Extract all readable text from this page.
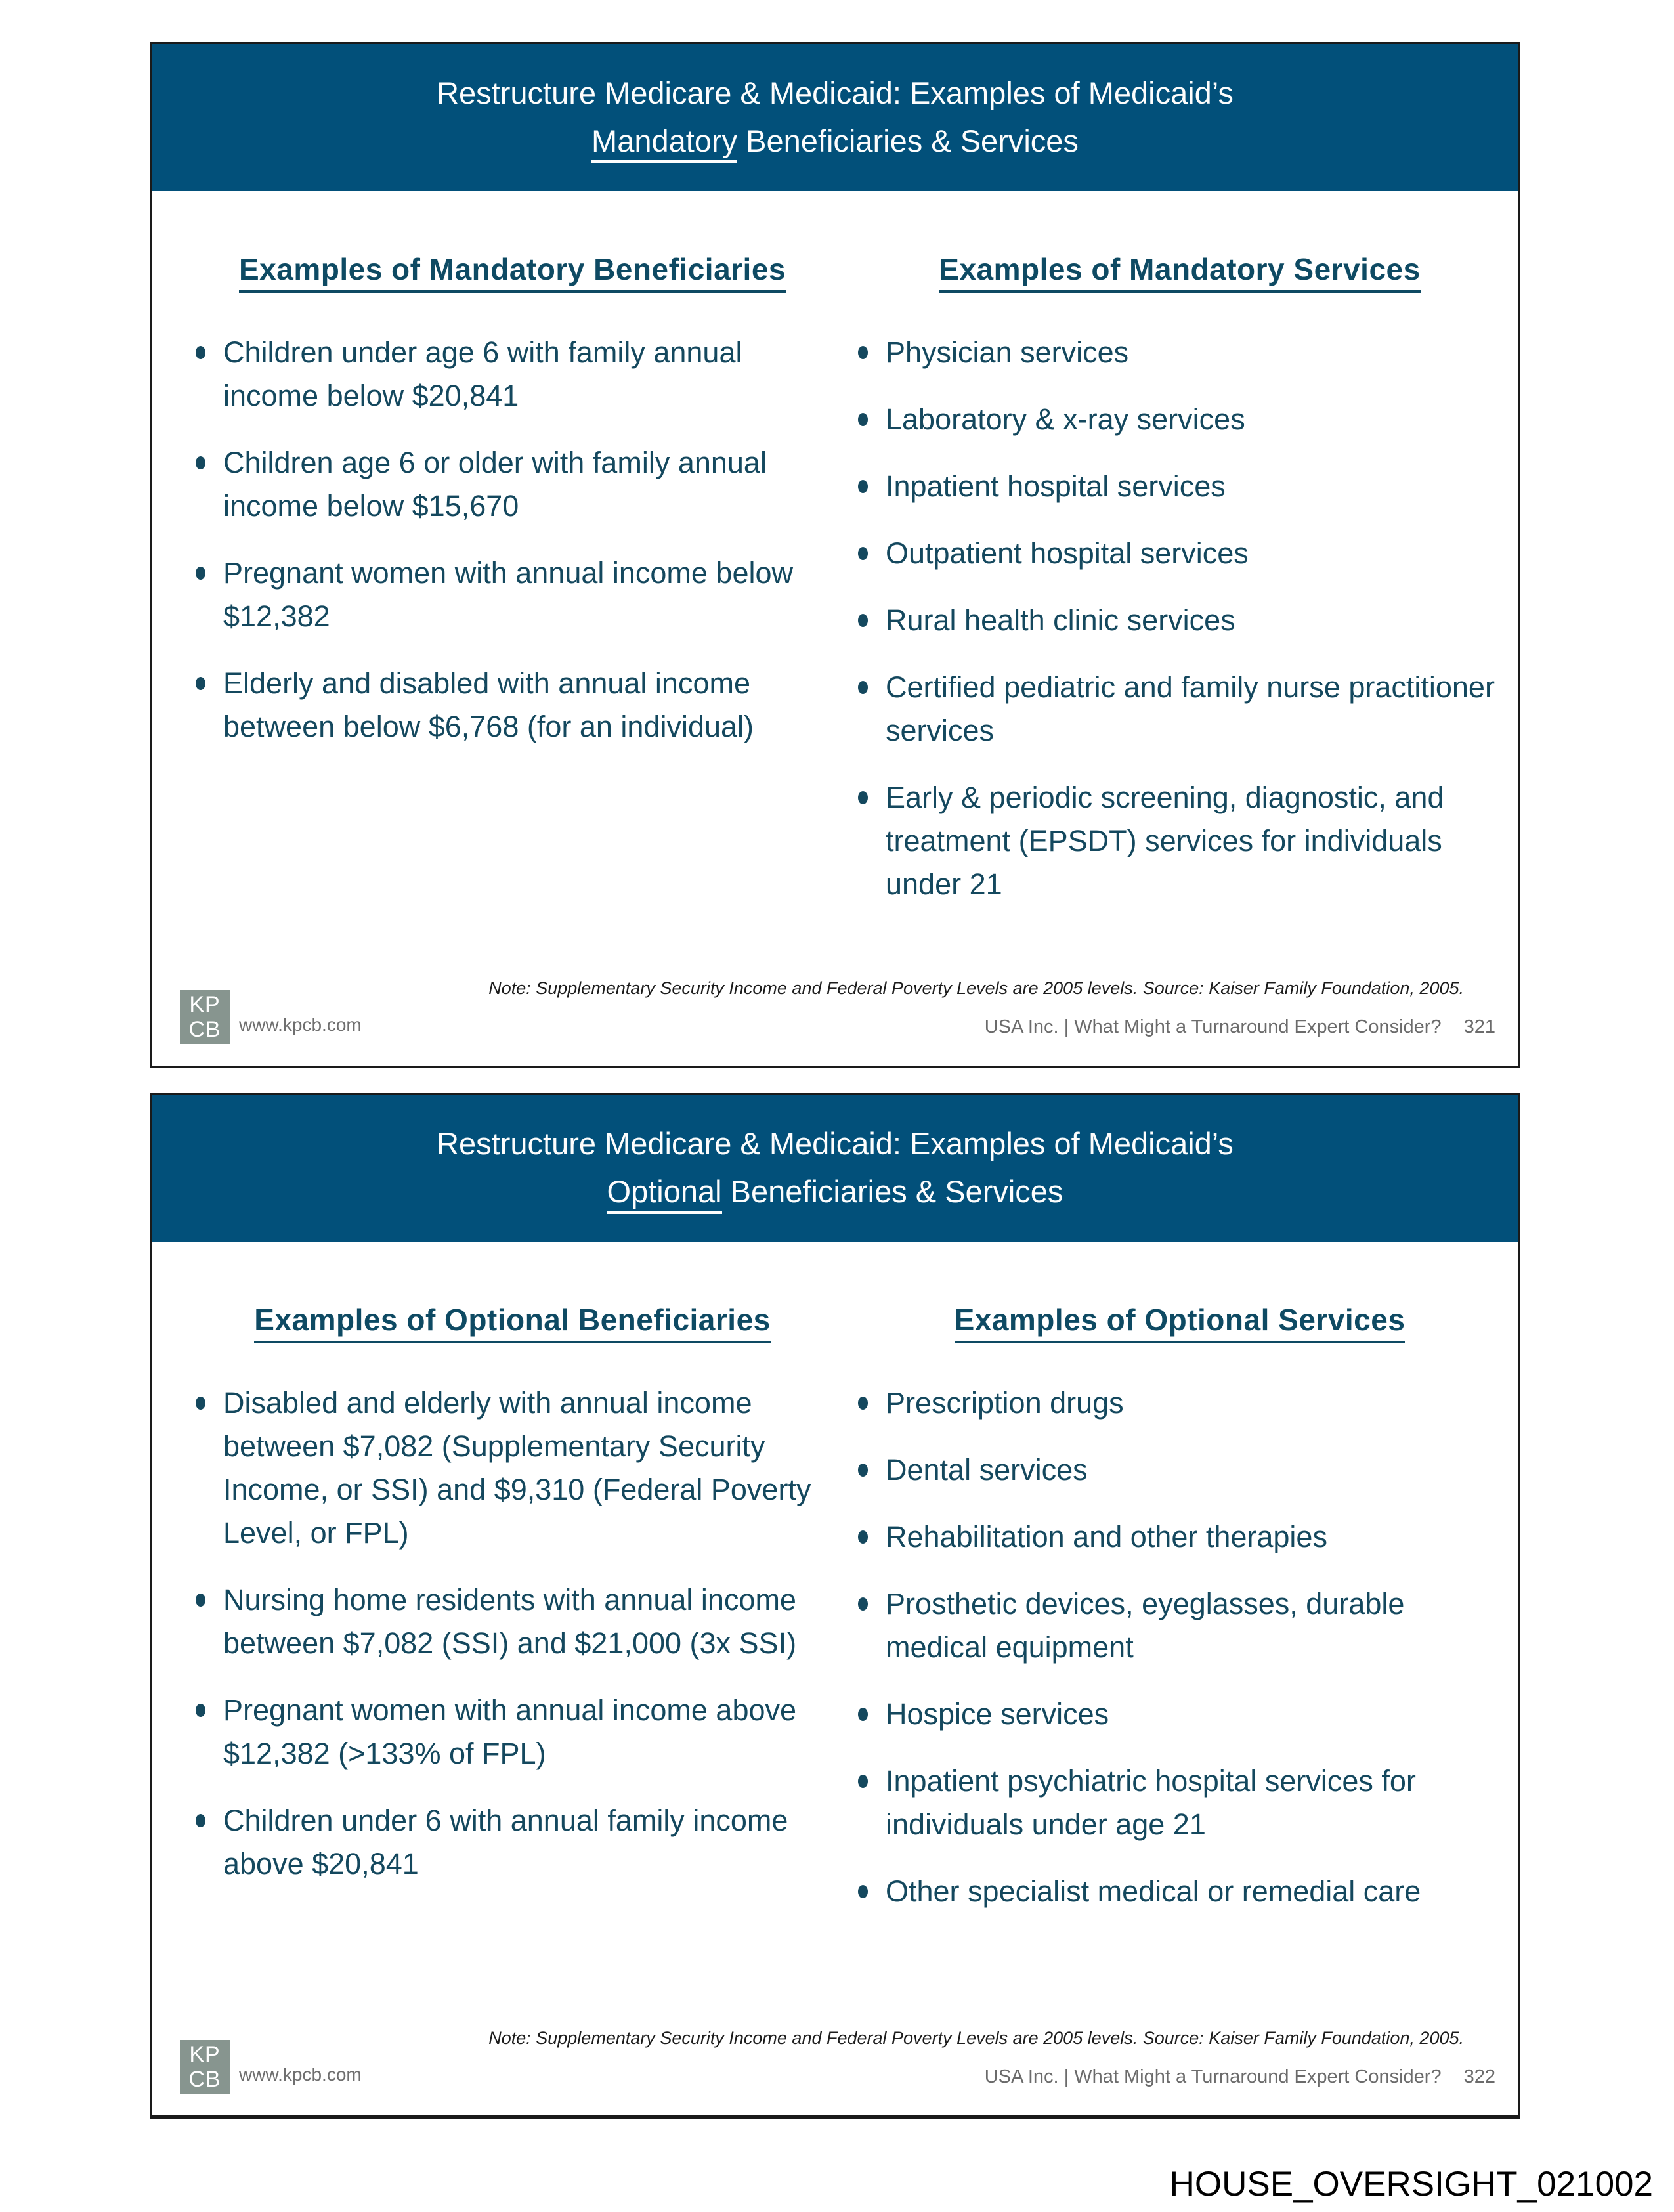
Restructure Medicare & Medicaid: Examples of Medicaid’s
Mandatory Beneficiaries & Services
Examples of Mandatory Beneficiaries
Children under age 6 with family annual income below $20,841
Children age 6 or older with family annual income below $15,670
Pregnant women with annual income below $12,382
Elderly and disabled with annual income between below $6,768 (for an individual)
Examples of Mandatory Services
Physician services
Laboratory & x-ray services
Inpatient hospital services
Outpatient hospital services
Rural health clinic services
Certified pediatric and family nurse practitioner services
Early & periodic screening, diagnostic, and treatment (EPSDT) services for individuals under 21
KP
CB www.kpcb.com
Note: Supplementary Security Income and Federal Poverty Levels are 2005 levels. Source: Kaiser Family Foundation, 2005.
USA Inc. | What Might a Turnaround Expert Consider? 321
Restructure Medicare & Medicaid: Examples of Medicaid’s
Optional Beneficiaries & Services
Examples of Optional Beneficiaries
Disabled and elderly with annual income between $7,082 (Supplementary Security Income, or SSI) and $9,310 (Federal Poverty Level, or FPL)
Nursing home residents with annual income between $7,082 (SSI) and $21,000 (3x SSI)
Pregnant women with annual income above $12,382 (>133% of FPL)
Children under 6 with annual family income above $20,841
Examples of Optional Services
Prescription drugs
Dental services
Rehabilitation and other therapies
Prosthetic devices, eyeglasses, durable medical equipment
Hospice services
Inpatient psychiatric hospital services for individuals under age 21
Other specialist medical or remedial care
KP
CB www.kpcb.com
Note: Supplementary Security Income and Federal Poverty Levels are 2005 levels. Source: Kaiser Family Foundation, 2005.
USA Inc. | What Might a Turnaround Expert Consider? 322
HOUSE_OVERSIGHT_021002
